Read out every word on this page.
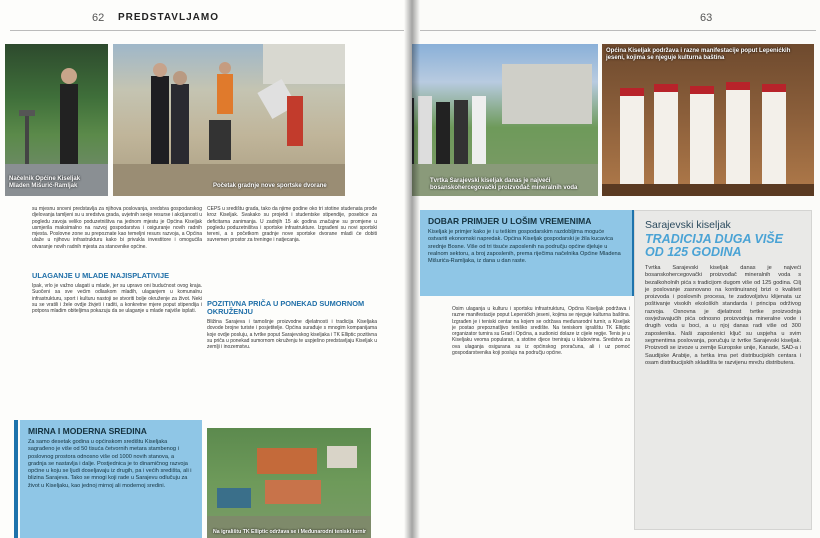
62 PREDSTAVLJAMO
Načelnik Općine Kiseljak
Mladen Mišurić-Ramljak	Početak gradnje nove sportske dvorane
su mjesnu snovni predstavlja za njihova poslovanja, sredstva gospodarskog djelovanja tamljeni su u sredstva grada, uvjetnih seoje resurse i akcijanosti u pogledu zavoja veliko poduzetništva na jednom mjestu je Općina Kiseljak usmjerila maksimalno na razvoj gospodarstva i osiguranje novih radnih mjesta. Poslovne zone su prepoznate kao temeljni resurs razvoja, a Općina ulaže u njihovu infrastrukturu kako bi privukla investitore i omogućila otvaranje novih radnih mjesta za stanovnike općine.
ULAGANJE U MLADE NAJISPLATIVIJE
Ipak, vrlo je važno ulagati u mlade, jer su upravo oni budućnost ovog kraja. Suočeni sa sve većim odlaskom mladih, ulaganjem u komunalnu infrastrukturu, sport i kulturu nastoji se stvoriti bolje okruženje za život. Neki su se vratili i žele ovdje živjeti i raditi, a konkretne mjere poput stipendija i potpora mladim obiteljima pokazuju da se ulaganje u mlade najviše isplati.
CEPS u središtu grada, tako da njime godine oko tri stotine studenata prođe kroz Kiseljak. Svakako su projekti i studentske stipendije, posebice za deficitarna zanimanja. U zadnjih 15 ak godina značajne su promjene u pogledu poduzetništva i sportske infrastrukture. Izgrađeni su novi sportski tereni, a s početkom gradnje nove sportske dvorane mladi će dobiti suvremen prostor za treninge i natjecanja.
POZITIVNA PRIČA U PONEKAD SUMORNOM OKRUŽENJU
Bližina Sarajeva i tamošnje proizvodne djelatnosti i tradicija Kiseljaka dovode brojne turiste i posjetitelje. Općina surađuje s mnogim kompanijama koje ovdje posluju, a tvrtke poput Sarajevskog kiseljaka i TK Elliptic pozitivna su priča u ponekad sumornom okruženju te uspješno predstavljaju Kiseljak u zemlji i inozemstvu.
Na igralištu TK Elliptic održava se i Međunarodni teniski turnir
MIRNA I MODERNA SREDINA
Za samo desetak godina u općinskom središtu Kiseljaka sagrađeno je više od 50 tisuća četvornih metara stambenog i poslovnog prostora odnosno više od 1000 novih stanova, a gradnja se nastavlja i dalje. Postjednica je to dinamičnog razvoja općine u koju se ljudi doseljavaju iz drugih, pa i većih središta, ali i blizina Sarajeva. Tako se mnogi koji rade u Sarajevu odlučuju za život u Kiseljaku, kao jednoj mirnoj ali modernoj sredini.
63
Tvrtka Sarajevski kiseljak danas je najveći bosanskohercegovački proizvođač mineralnih voda
Općina Kiseljak podržava i razne manifestacije poput Lepenićkih jeseni, kojima se njeguje kulturna baština
DOBAR PRIMJER U LOŠIM VREMENIMA
Kiseljak je primjer kako je i u teškim gospodarskim razdobljima moguće ostvariti ekonomski napredak. Općina Kiseljak gospodarski je žila kucavica srednje Bosne. Više od tri tisuće zaposlenih na području općine djeluje u realnom sektoru, a broj zaposlenih, prema riječima načelnika Općine Mladena Mišurića-Ramljaka, iz dana u dan raste.
Osim ulaganja u kulturu i sportsku infrastrukturu, Općina Kiseljak podržava i razne manifestacije poput Lepenićkih jeseni, kojima se njeguje kulturna baština. Izgrađen je i teniski centar na kojem se održava međunarodni turnir, a Kiseljak je postao prepoznatljivo teniško središte. Na teniskom igralištu TK Elliptic organizator turnira su Grad i Općina, a sudionici dolaze iz cijele regije. Tenis je u Kiseljaku veoma popularan, a stotine djece treniraju u klubovima. Sredstva za ova ulaganja osigurana su iz općinskog proračuna, ali i uz pomoć gospodarstvenika koji posluju na području općine.
Sarajevski kiseljak
TRADICIJA DUGA VIŠE OD 125 GODINA
Tvrtka Sarajevski kiseljak danas je najveći bosanskohercegovački proizvođač mineralnih voda s bezalkoholnih pića s tradicijom dugom više od 125 godina. Cilj je poslovanje zasnovano na kontinuiranoj brizi o kvaliteti proizvoda i poslovnih procesa, te zadovoljstvu klijenata uz poštivanje visokih ekoloških standarda i principa održivog razvoja. Osnovna je djelatnost tvrtke proizvodnja osvježavajućih pića odnosno proizvodnja mineralne vode i drugih voda u boci, a u njoj danas radi više od 300 zaposlenika. Naši zaposlenici ključ su uspjeha u svim segmentima poslovanja, poručuju iz tvrtke Sarajevski kiseljak. Proizvodi se izvoze u zemlje Europske unije, Kanade, SAD-a i Saudijske Arabije, a tvrtka ima pet distribucijskih centara i osam distribucijskih skladišta te razvijenu mrežu distributera.
